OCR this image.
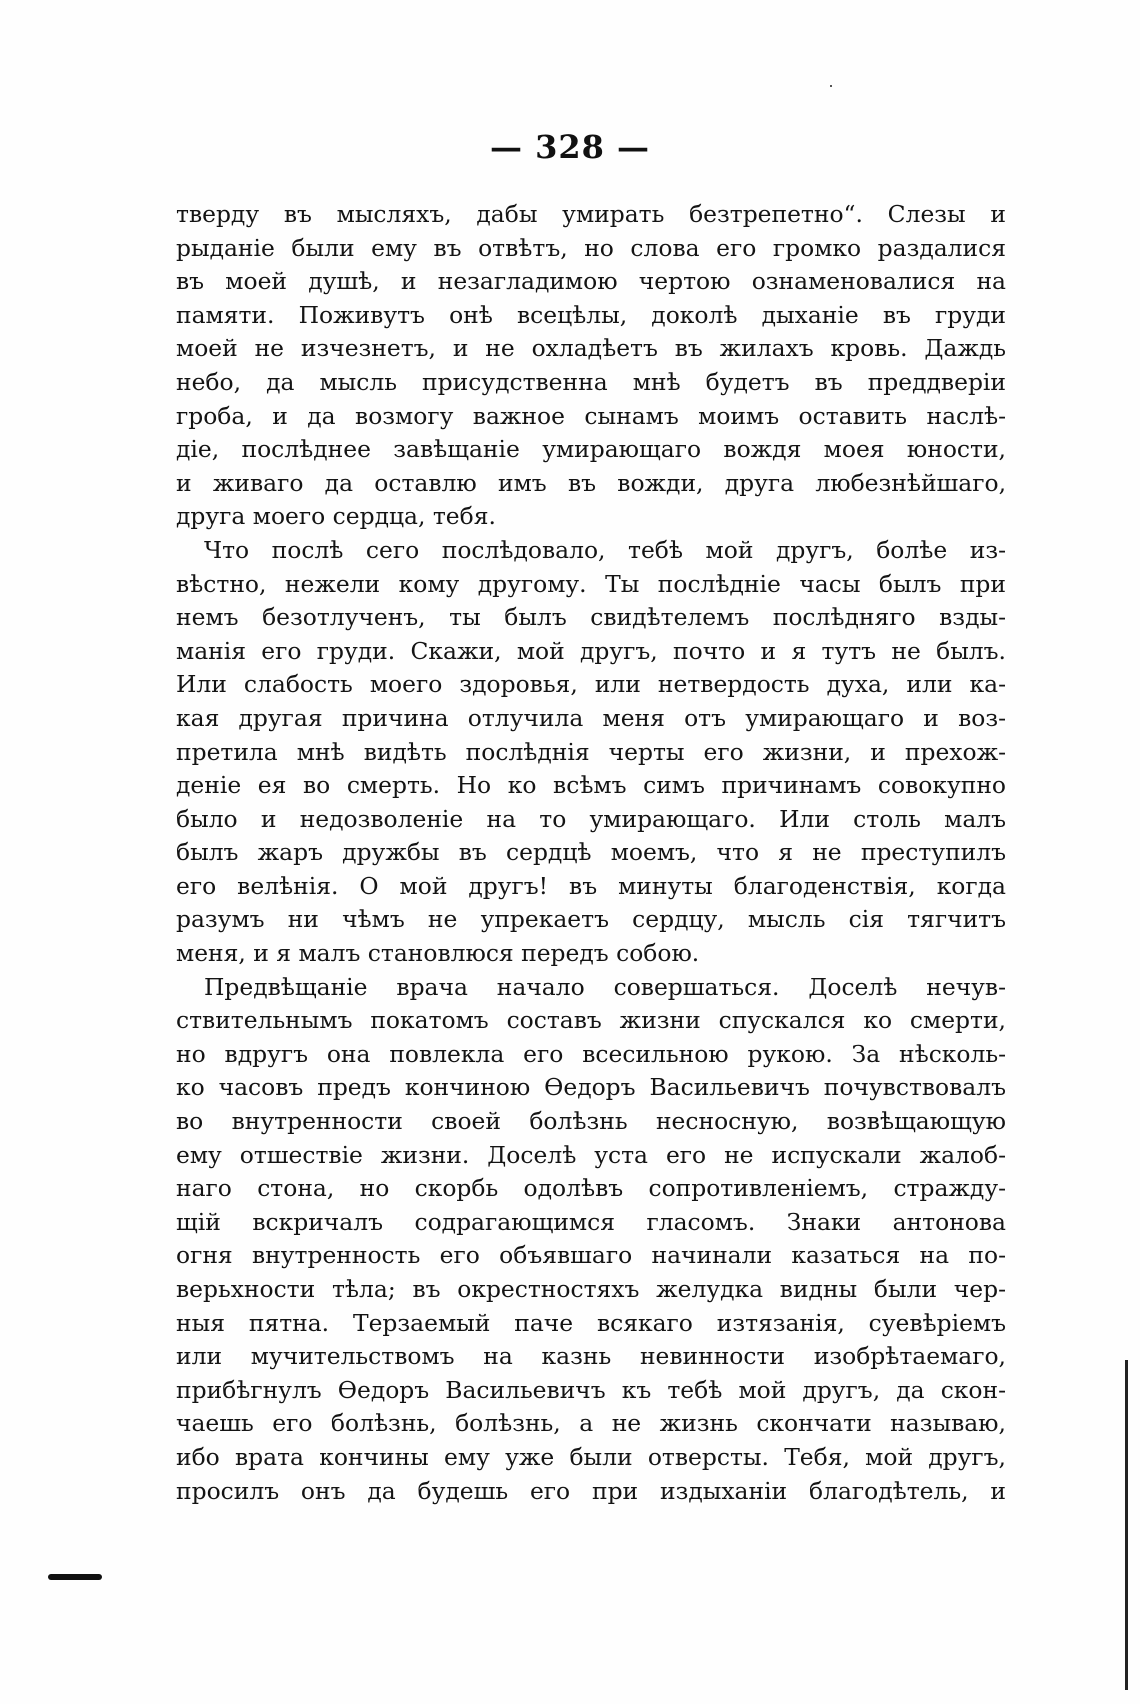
— 328 —
тверду въ мысляхъ, дабы умирать безтрепетно“. Слезы и
рыданіе были ему въ отвѣтъ, но слова его громко раздалися
въ моей душѣ, и незагладимою чертою ознаменовалися на
памяти. Поживутъ онѣ всецѣлы, доколѣ дыханіе въ груди
моей не изчезнетъ, и не охладѣетъ въ жилахъ кровь. Даждь
небо, да мысль присудственна мнѣ будетъ въ преддверіи
гроба, и да возмогу важное сынамъ моимъ оставить наслѣ-
діе, послѣднее завѣщаніе умирающаго вождя моея юности,
и живаго да оставлю имъ въ вожди, друга любезнѣйшаго,
друга моего сердца, тебя.
Что послѣ сего послѣдовало, тебѣ мой другъ, болѣе из-
вѣстно, нежели кому другому. Ты послѣдніе часы былъ при
немъ безотлученъ, ты былъ свидѣтелемъ послѣдняго взды-
манія его груди. Скажи, мой другъ, почто и я тутъ не былъ.
Или слабость моего здоровья, или нетвердость духа, или ка-
кая другая причина отлучила меня отъ умирающаго и воз-
претила мнѣ видѣть послѣднія черты его жизни, и прехож-
деніе ея во смерть. Но ко всѣмъ симъ причинамъ совокупно
было и недозволеніе на то умирающаго. Или столь малъ
былъ жаръ дружбы въ сердцѣ моемъ, что я не преступилъ
его велѣнія. О мой другъ! въ минуты благоденствія, когда
разумъ ни чѣмъ не упрекаетъ сердцу, мысль сія тягчитъ
меня, и я малъ становлюся передъ собою.
Предвѣщаніе врача начало совершаться. Доселѣ нечув-
ствительнымъ покатомъ составъ жизни спускался ко смерти,
но вдругъ она повлекла его всесильною рукою. За нѣсколь-
ко часовъ предъ кончиною Ѳедоръ Васильевичъ почувствовалъ
во внутренности своей болѣзнь несносную, возвѣщающую
ему отшествіе жизни. Доселѣ уста его не испускали жалоб-
наго стона, но скорбь одолѣвъ сопротивленіемъ, стражду-
щій вскричалъ содрагающимся гласомъ. Знаки антонова
огня внутренность его объявшаго начинали казаться на по-
верьхности тѣла; въ окрестностяхъ желудка видны были чер-
ныя пятна. Терзаемый паче всякаго изтязанія, суевѣріемъ
или мучительствомъ на казнь невинности изобрѣтаемаго,
прибѣгнулъ Ѳедоръ Васильевичъ къ тебѣ мой другъ, да скон-
чаешь его болѣзнь, болѣзнь, а не жизнь скончати называю,
ибо врата кончины ему уже были отверсты. Тебя, мой другъ,
просилъ онъ да будешь его при издыханіи благодѣтель, и
